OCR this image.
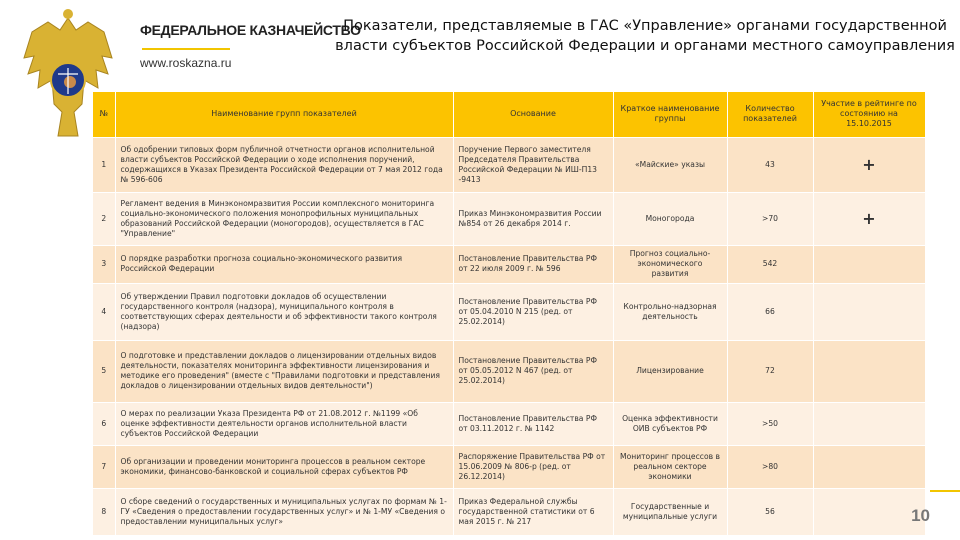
ФЕДЕРАЛЬНОЕ КАЗНАЧЕЙСТВО
www.roskazna.ru
Показатели, представляемые в ГАС «Управление» органами государственной власти субъектов Российской Федерации и органами местного самоуправления
№	Наименование групп показателей	Основание	Краткое наименование группы	Количество показателей	Участие в рейтинге по состоянию на 15.10.2015
1	Об одобрении типовых форм публичной отчетности органов исполнительной власти субъектов Российской Федерации о ходе исполнения поручений, содержащихся в Указах Президента Российской Федерации от 7 мая 2012 года № 596-606	Поручение Первого заместителя Председателя Правительства Российской Федерации № ИШ-П13 -9413	«Майские» указы	43	+
2	Регламент ведения в Минэкономразвития России комплексного мониторинга социально-экономического положения монопрофильных муниципальных образований Российской Федерации (моногородов), осуществляется в ГАС "Управление"	Приказ Минэкономразвития России №854 от 26 декабря 2014 г.	Моногорода	>70	+
3	О порядке разработки прогноза социально-экономического развития Российской Федерации	Постановление Правительства РФ от 22 июля 2009 г. № 596	Прогноз социально-экономического развития	542	
4	Об утверждении Правил подготовки докладов об осуществлении государственного контроля (надзора), муниципального контроля в соответствующих сферах деятельности и об эффективности такого контроля (надзора)	Постановление Правительства РФ от 05.04.2010 N 215 (ред. от 25.02.2014)	Контрольно-надзорная деятельность	66	
5	О подготовке и представлении докладов о лицензировании отдельных видов деятельности, показателях мониторинга эффективности лицензирования и методике его проведения" (вместе с "Правилами подготовки и представления докладов о лицензировании отдельных видов деятельности")	Постановление Правительства РФ от 05.05.2012 N 467 (ред. от 25.02.2014)	Лицензирование	72	
6	О мерах по реализации Указа Президента РФ от 21.08.2012 г. №1199 «Об оценке эффективности деятельности органов исполнительной власти субъектов Российской Федерации	Постановление Правительства РФ от 03.11.2012 г. № 1142	Оценка эффективности ОИВ субъектов РФ	>50	
7	Об организации и проведении мониторинга процессов в реальном секторе экономики, финансово-банковской и социальной сферах субъектов РФ	Распоряжение Правительства РФ от 15.06.2009 № 806-р (ред. от 26.12.2014)	Мониторинг процессов в реальном секторе экономики	>80	
8	О сборе сведений о государственных и муниципальных услугах по формам № 1-ГУ «Сведения о предоставлении государственных услуг» и № 1-МУ «Сведения о предоставлении муниципальных услуг»	Приказ Федеральной службы государственной статистики от 6 мая 2015 г. № 217	Государственные и муниципальные услуги	56		10
